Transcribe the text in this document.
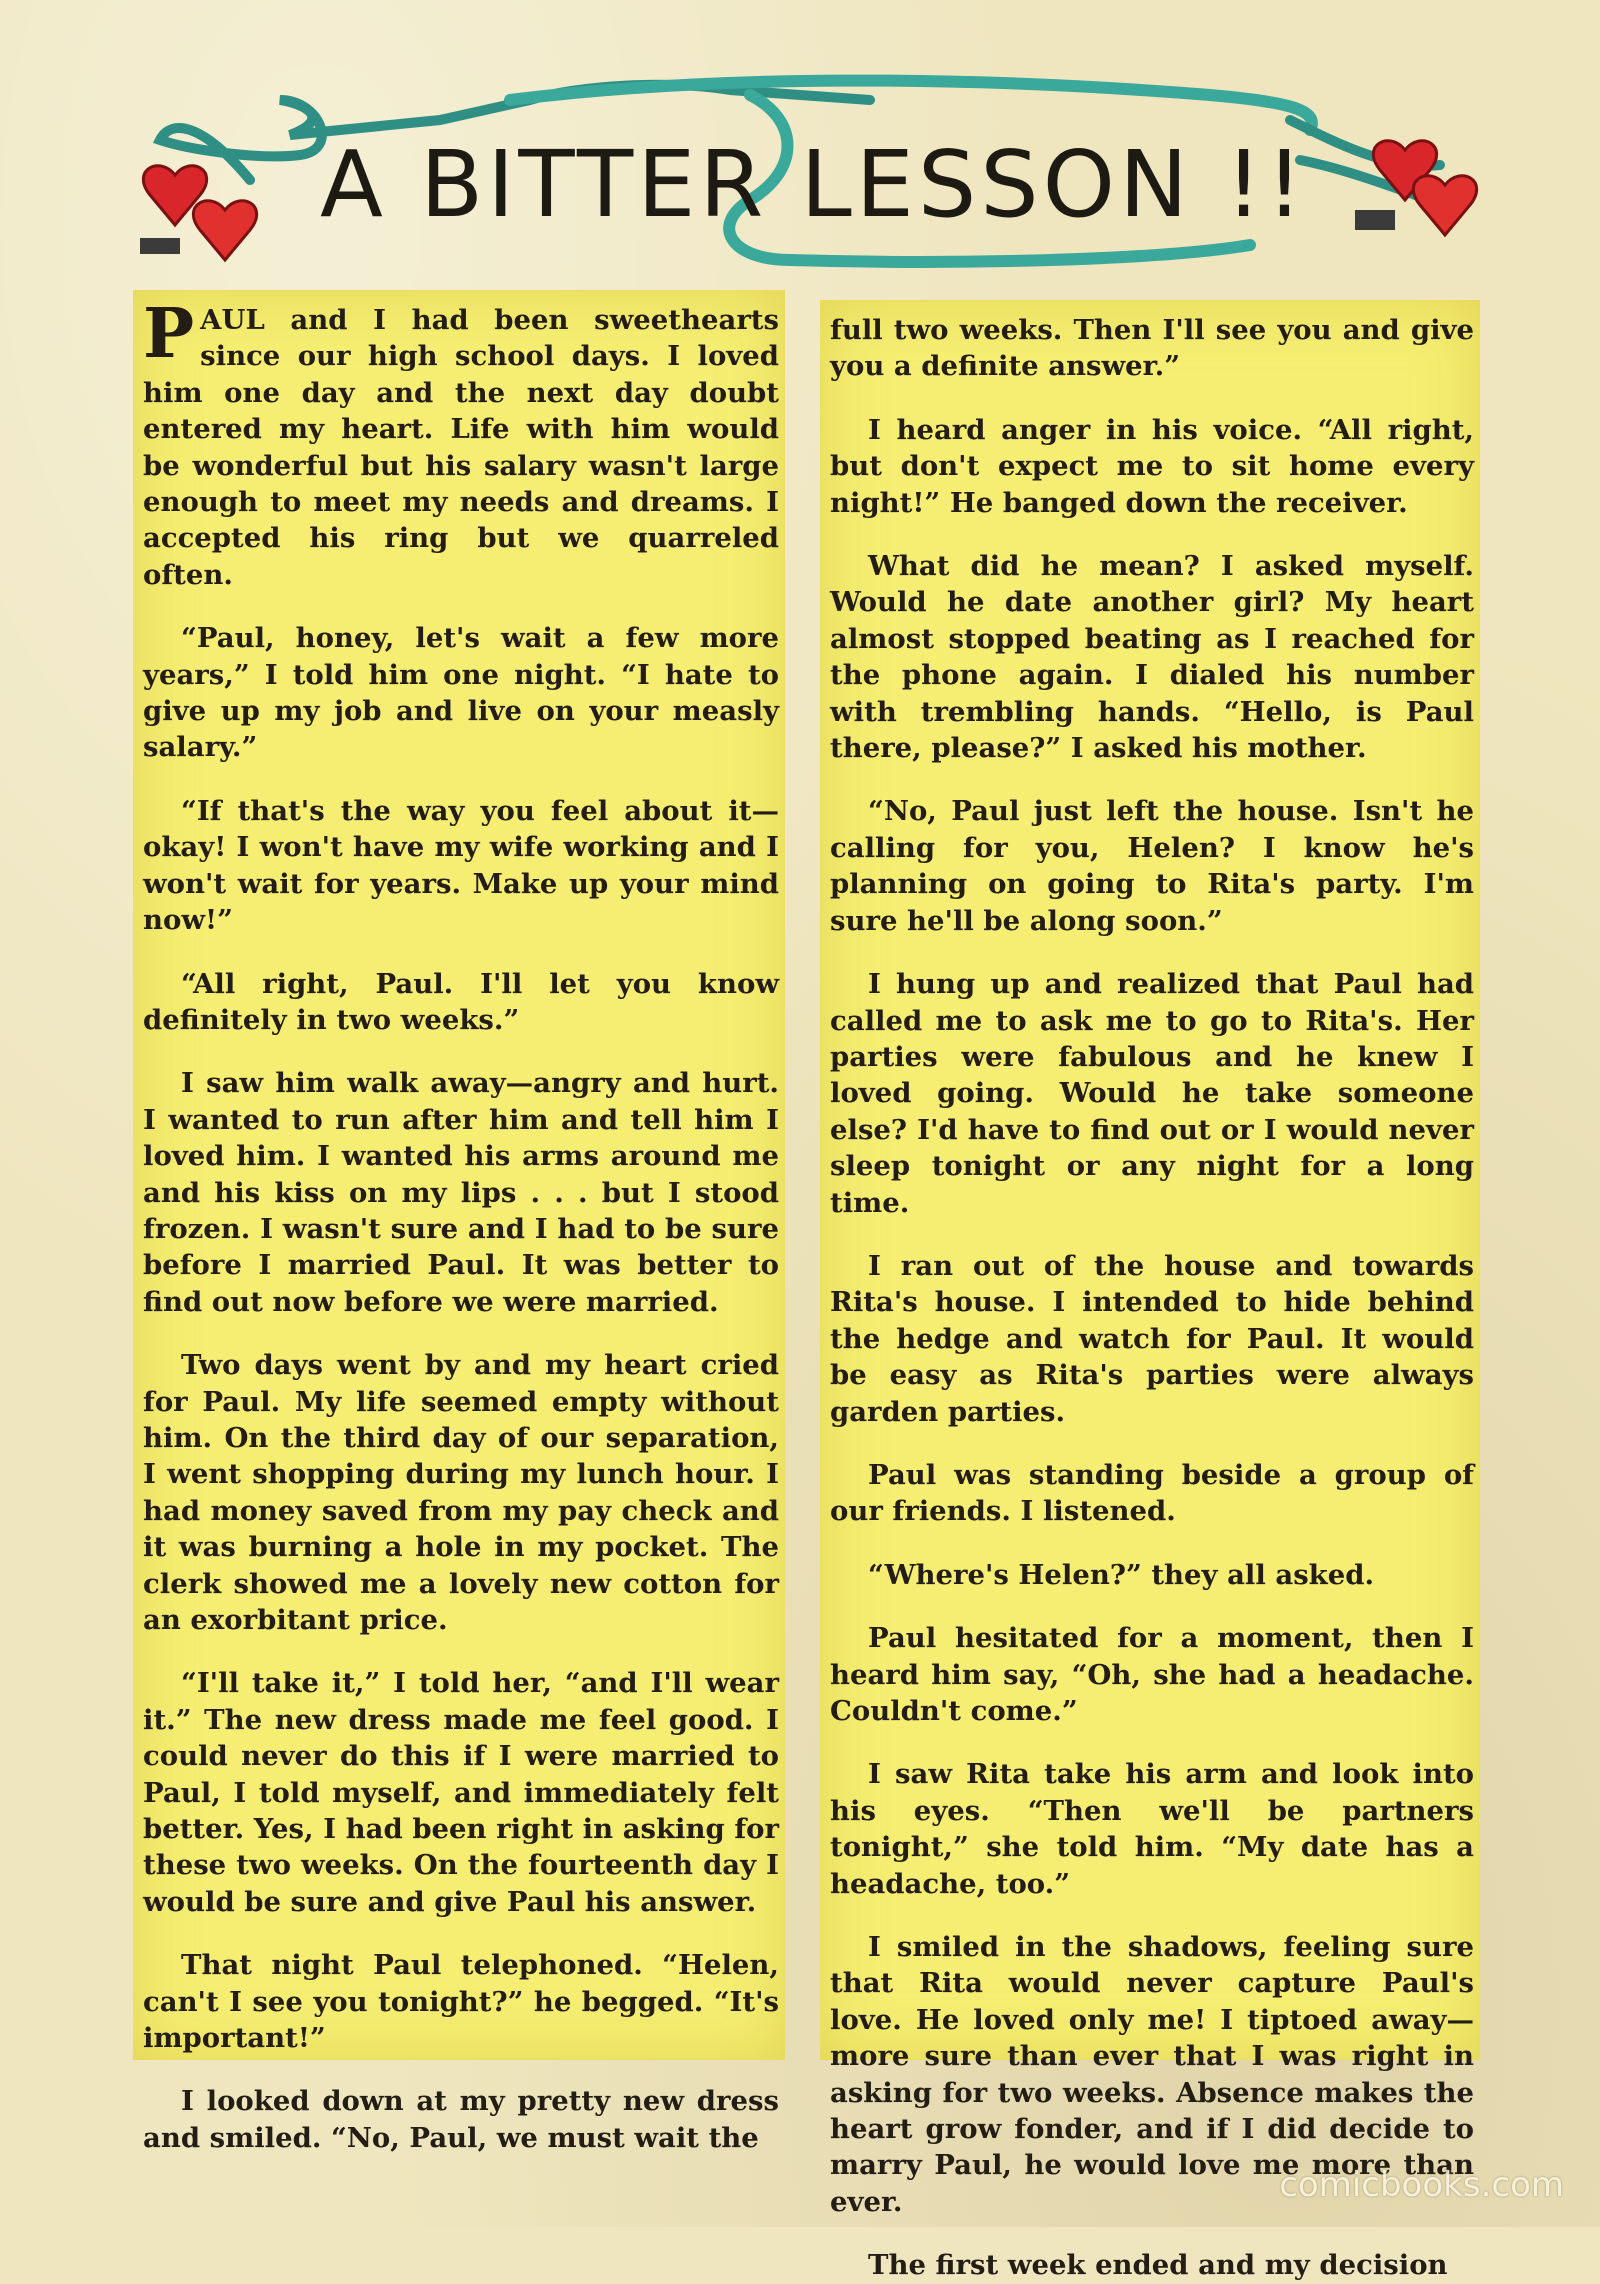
A BITTER LESSON !!

PAUL and I had been sweethearts since our high school days. I loved him one day and the next day doubt entered my heart. Life with him would be wonderful but his salary wasn't large enough to meet my needs and dreams. I accepted his ring but we quarreled often.

“Paul, honey, let's wait a few more years,” I told him one night. “I hate to give up my job and live on your measly salary.”

“If that's the way you feel about it—okay! I won't have my wife working and I won't wait for years. Make up your mind now!”

“All right, Paul. I'll let you know definitely in two weeks.”

I saw him walk away—angry and hurt. I wanted to run after him and tell him I loved him. I wanted his arms around me and his kiss on my lips . . . but I stood frozen. I wasn't sure and I had to be sure before I married Paul. It was better to find out now before we were married.

Two days went by and my heart cried for Paul. My life seemed empty without him. On the third day of our separation, I went shopping during my lunch hour. I had money saved from my pay check and it was burning a hole in my pocket. The clerk showed me a lovely new cotton for an exorbitant price.

“I'll take it,” I told her, “and I'll wear it.” The new dress made me feel good. I could never do this if I were married to Paul, I told myself, and immediately felt better. Yes, I had been right in asking for these two weeks. On the fourteenth day I would be sure and give Paul his answer.

That night Paul telephoned. “Helen, can't I see you tonight?” he begged. “It's important!”

I looked down at my pretty new dress and smiled. “No, Paul, we must wait the

full two weeks. Then I'll see you and give you a definite answer.”

I heard anger in his voice. “All right, but don't expect me to sit home every night!” He banged down the receiver.

What did he mean? I asked myself. Would he date another girl? My heart almost stopped beating as I reached for the phone again. I dialed his number with trembling hands. “Hello, is Paul there, please?” I asked his mother.

“No, Paul just left the house. Isn't he calling for you, Helen? I know he's planning on going to Rita's party. I'm sure he'll be along soon.”

I hung up and realized that Paul had called me to ask me to go to Rita's. Her parties were fabulous and he knew I loved going. Would he take someone else? I'd have to find out or I would never sleep tonight or any night for a long time.

I ran out of the house and towards Rita's house. I intended to hide behind the hedge and watch for Paul. It would be easy as Rita's parties were always garden parties.

Paul was standing beside a group of our friends. I listened.

“Where's Helen?” they all asked.

Paul hesitated for a moment, then I heard him say, “Oh, she had a headache. Couldn't come.”

I saw Rita take his arm and look into his eyes. “Then we'll be partners tonight,” she told him. “My date has a headache, too.”

I smiled in the shadows, feeling sure that Rita would never capture Paul's love. He loved only me! I tiptoed away—more sure than ever that I was right in asking for two weeks. Absence makes the heart grow fonder, and if I did decide to marry Paul, he would love me more than ever.

The first week ended and my decision

comicbooks.com
